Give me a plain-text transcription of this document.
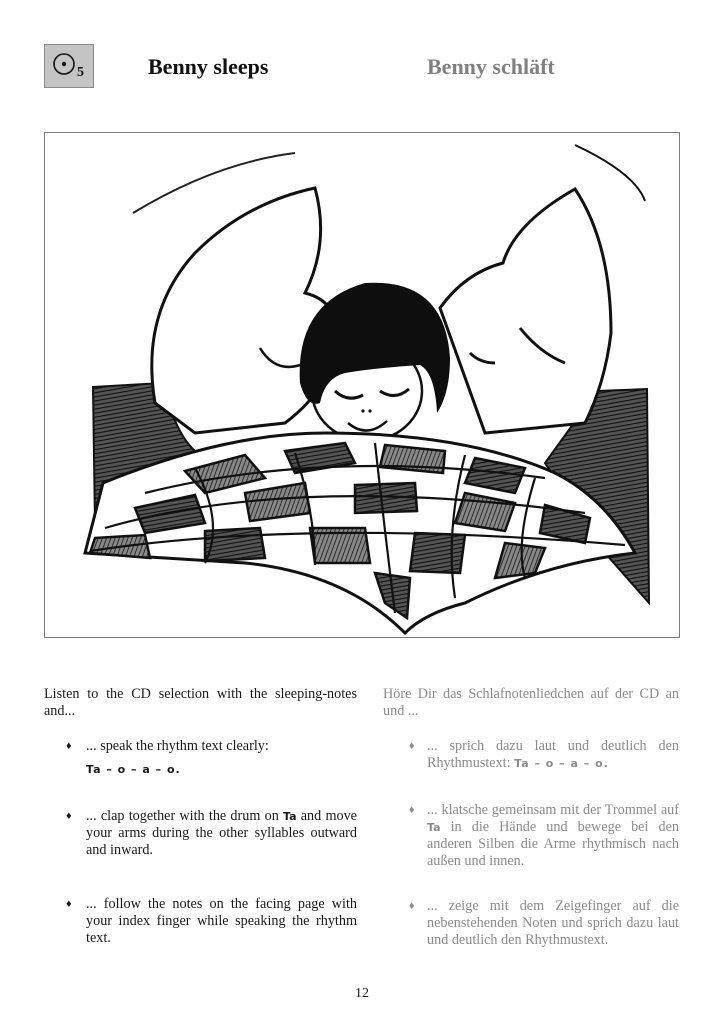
5	Benny sleeps	Benny schläft

Listen to the CD selection with the sleeping-notes and...

♦ ... speak the rhythm text clearly:
Ta – o – a – o.
♦ ... clap together with the drum on Ta and move your arms during the other syllables outward and inward.
♦ ... follow the notes on the facing page with your index finger while speaking the rhythm text.

Höre Dir das Schlafnotenliedchen auf der CD an und ...

♦ ... sprich dazu laut und deutlich den Rhythmustext: Ta – o – a – o.
♦ ... klatsche gemeinsam mit der Trommel auf Ta in die Hände und bewege bei den anderen Silben die Arme rhythmisch nach außen und innen.
♦ ... zeige mit dem Zeigefinger auf die nebenstehenden Noten und sprich dazu laut und deutlich den Rhythmustext.
12
